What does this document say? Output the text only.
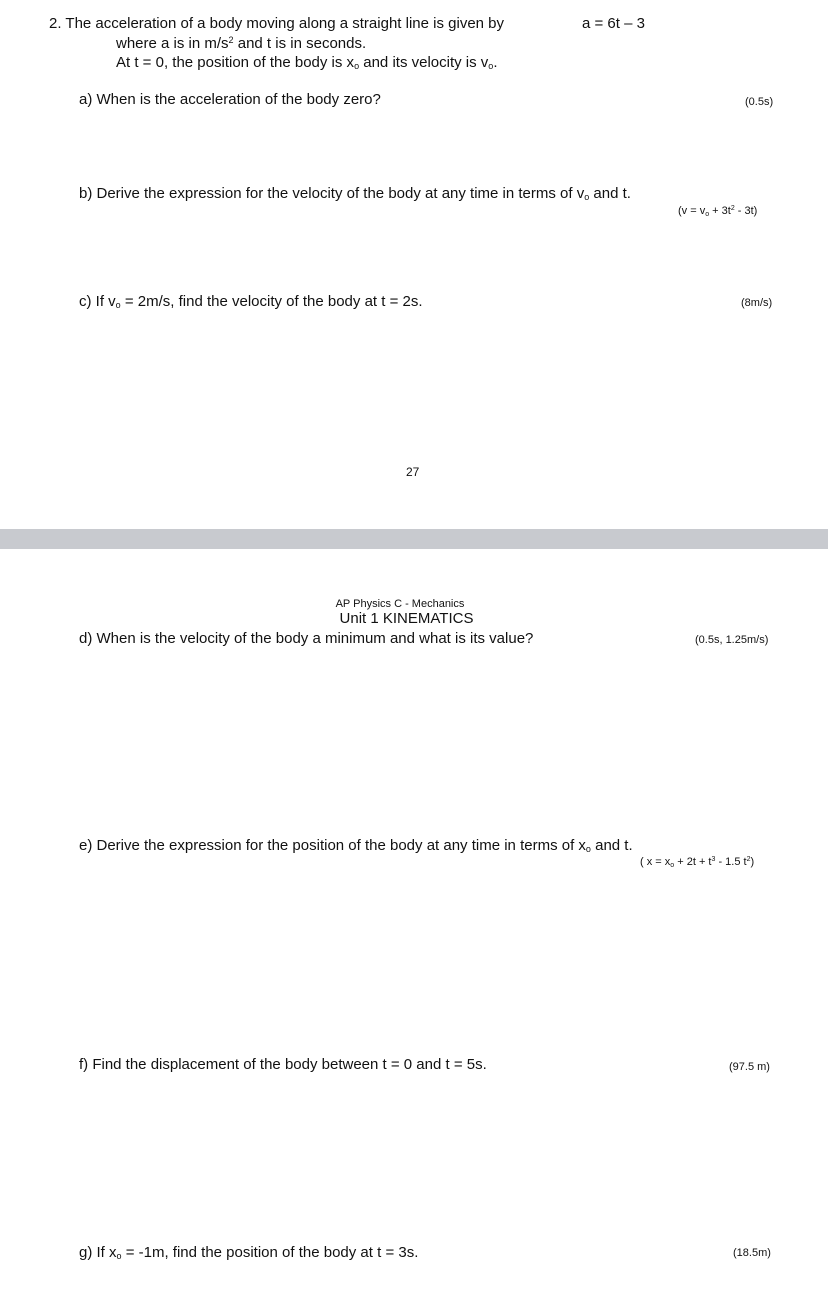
2. The acceleration of a body moving along a straight line is given by	a = 6t – 3
where a is in $m/s^2$ and t is in seconds.
At t = 0, the position of the body is $x_o$ and its velocity is $v_o$.
a) When is the acceleration of the body zero?	(0.5s)
b) Derive the expression for the velocity of the body at any time in terms of $v_o$ and t.
$(v = v_o + 3t^2 - 3t)$
c) If $v_o = 2m/s$, find the velocity of the body at t = 2s.	(8m/s)
27
AP Physics C - Mechanics
Unit 1 KINEMATICS
d) When is the velocity of the body a minimum and what is its value?	(0.5s, 1.25m/s)
e) Derive the expression for the position of the body at any time in terms of $x_o$ and t.
( $x = x_o + 2t + t^3 - 1.5$ $t^2$)
f) Find the displacement of the body between t = 0 and t = 5s.	(97.5 m)
g) If $x_o = -1m$, find the position of the body at t = 3s.	(18.5m)
